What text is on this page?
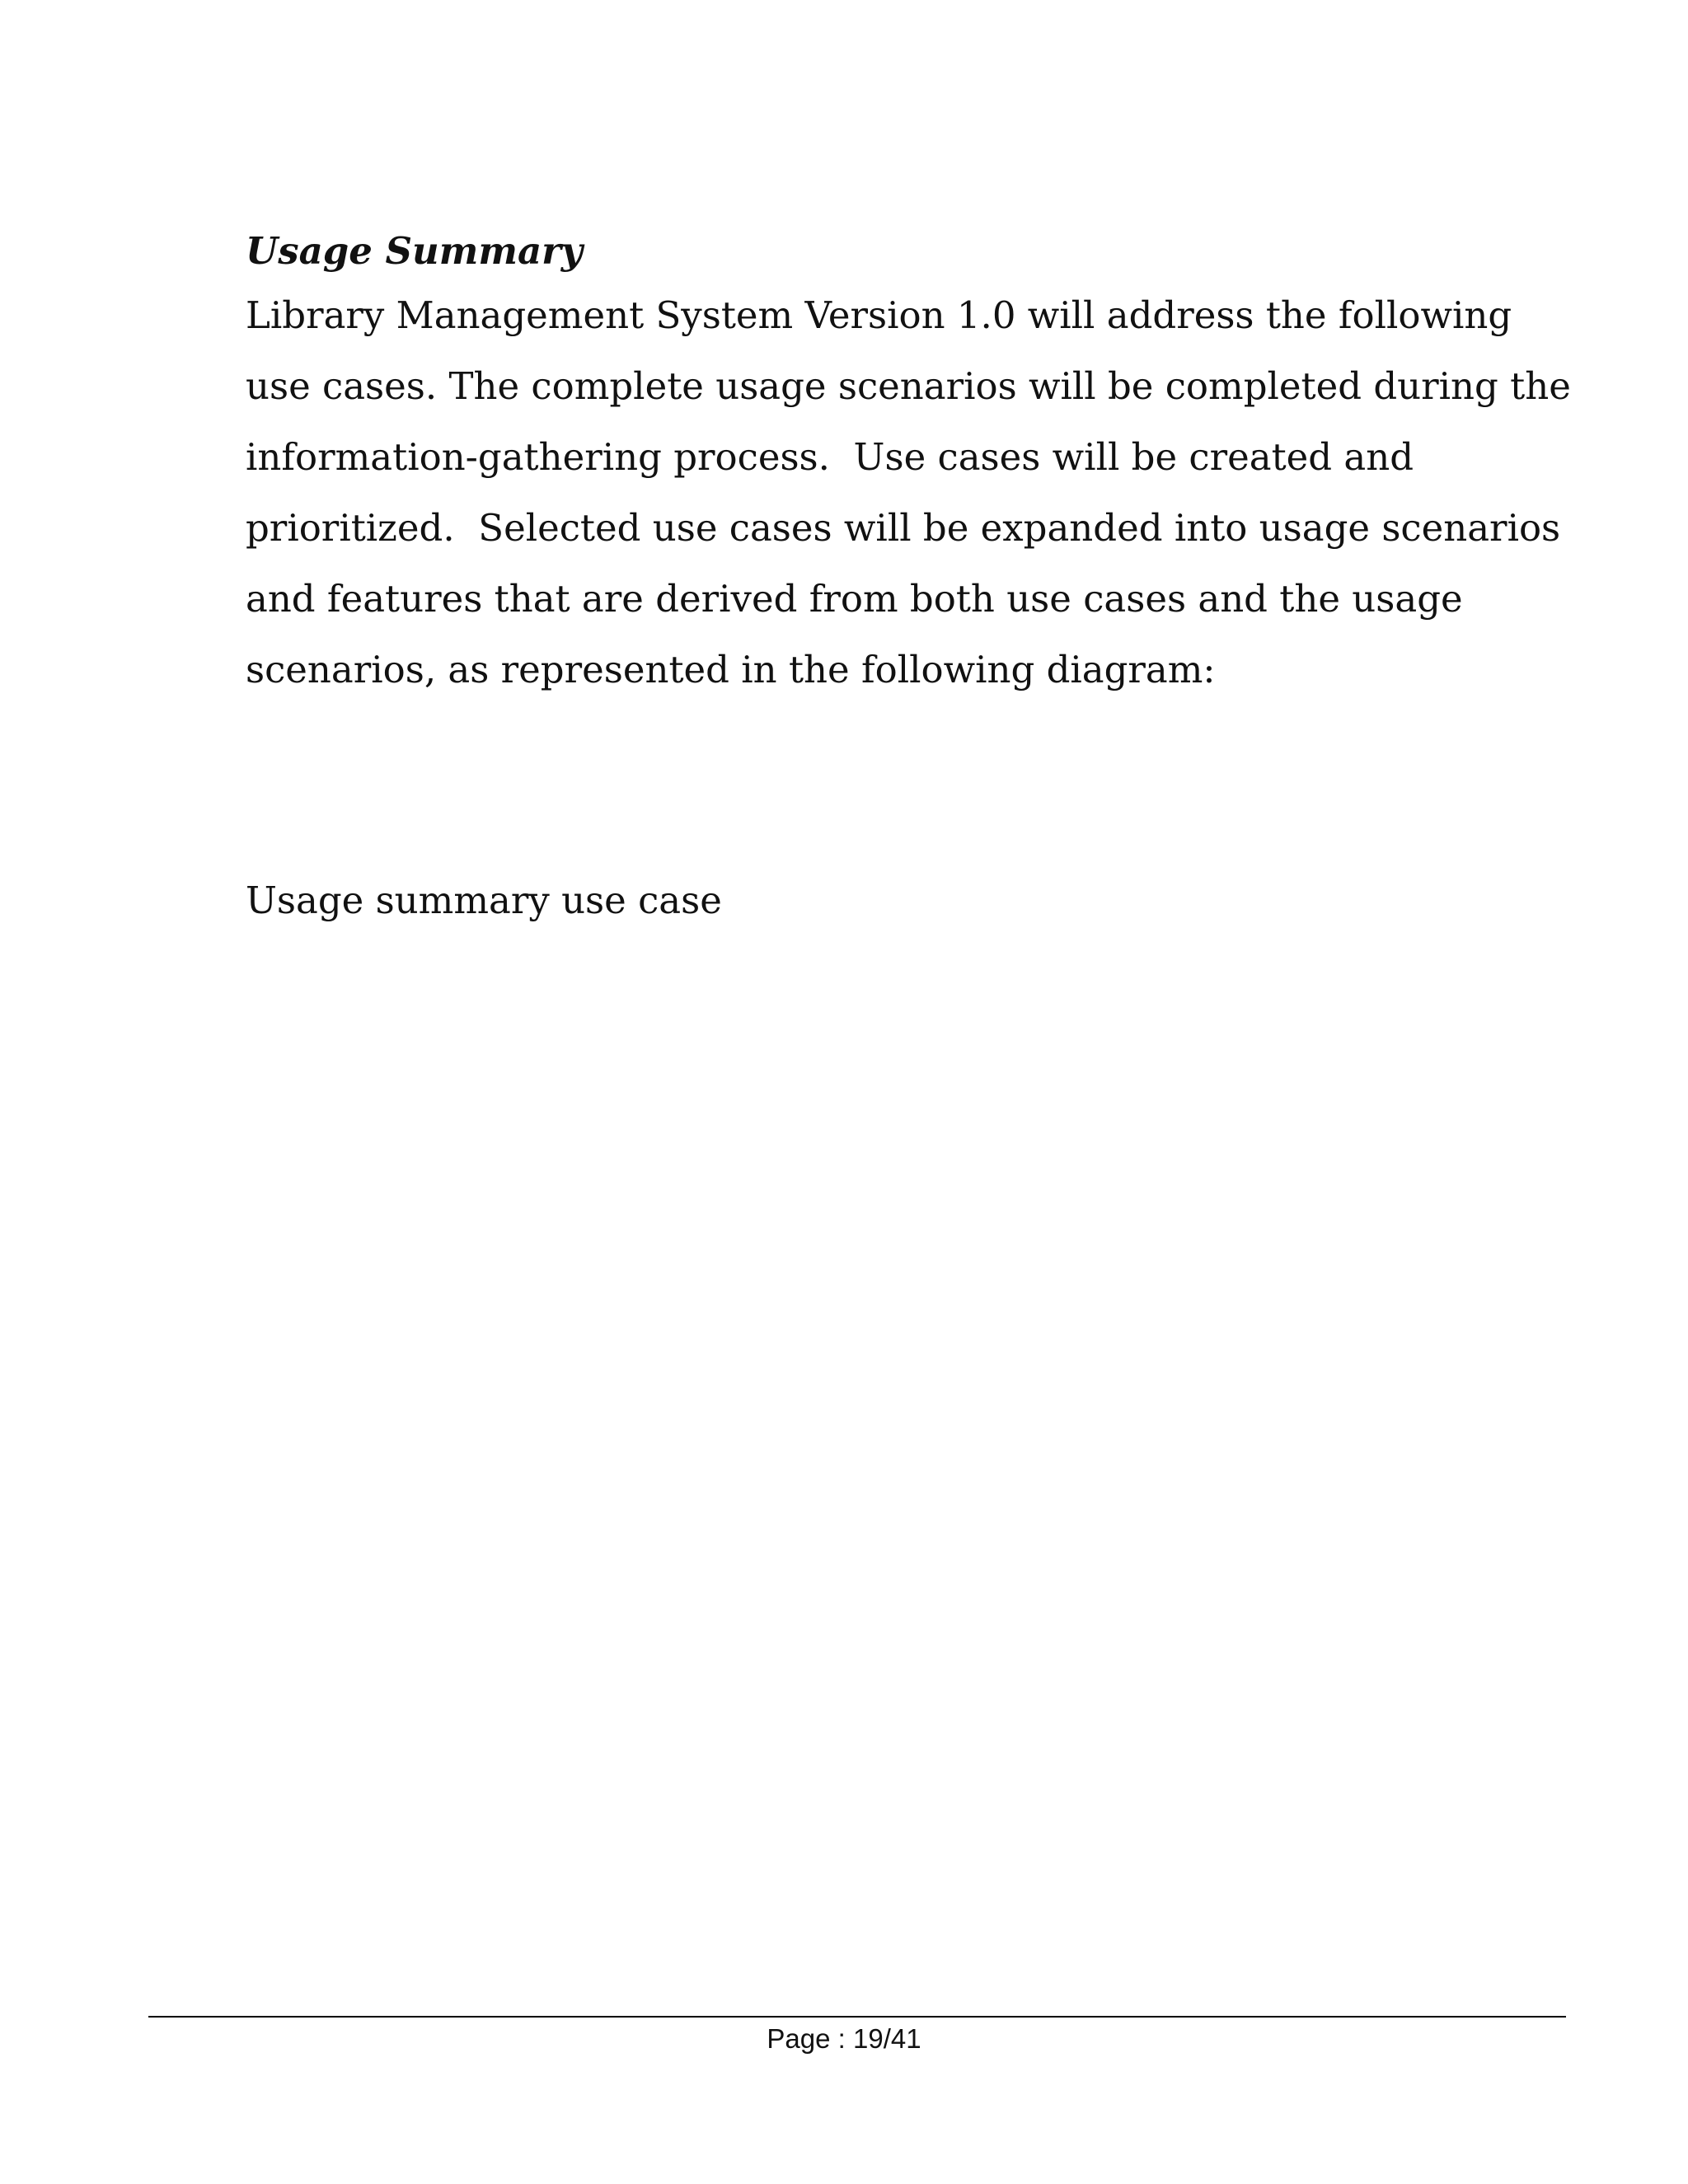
Usage Summary

Library Management System Version 1.0 will address the following

use cases. The complete usage scenarios will be completed during the

information-gathering process.  Use cases will be created and

prioritized.  Selected use cases will be expanded into usage scenarios

and features that are derived from both use cases and the usage

scenarios, as represented in the following diagram:

Usage summary use case

Page : 19/41
